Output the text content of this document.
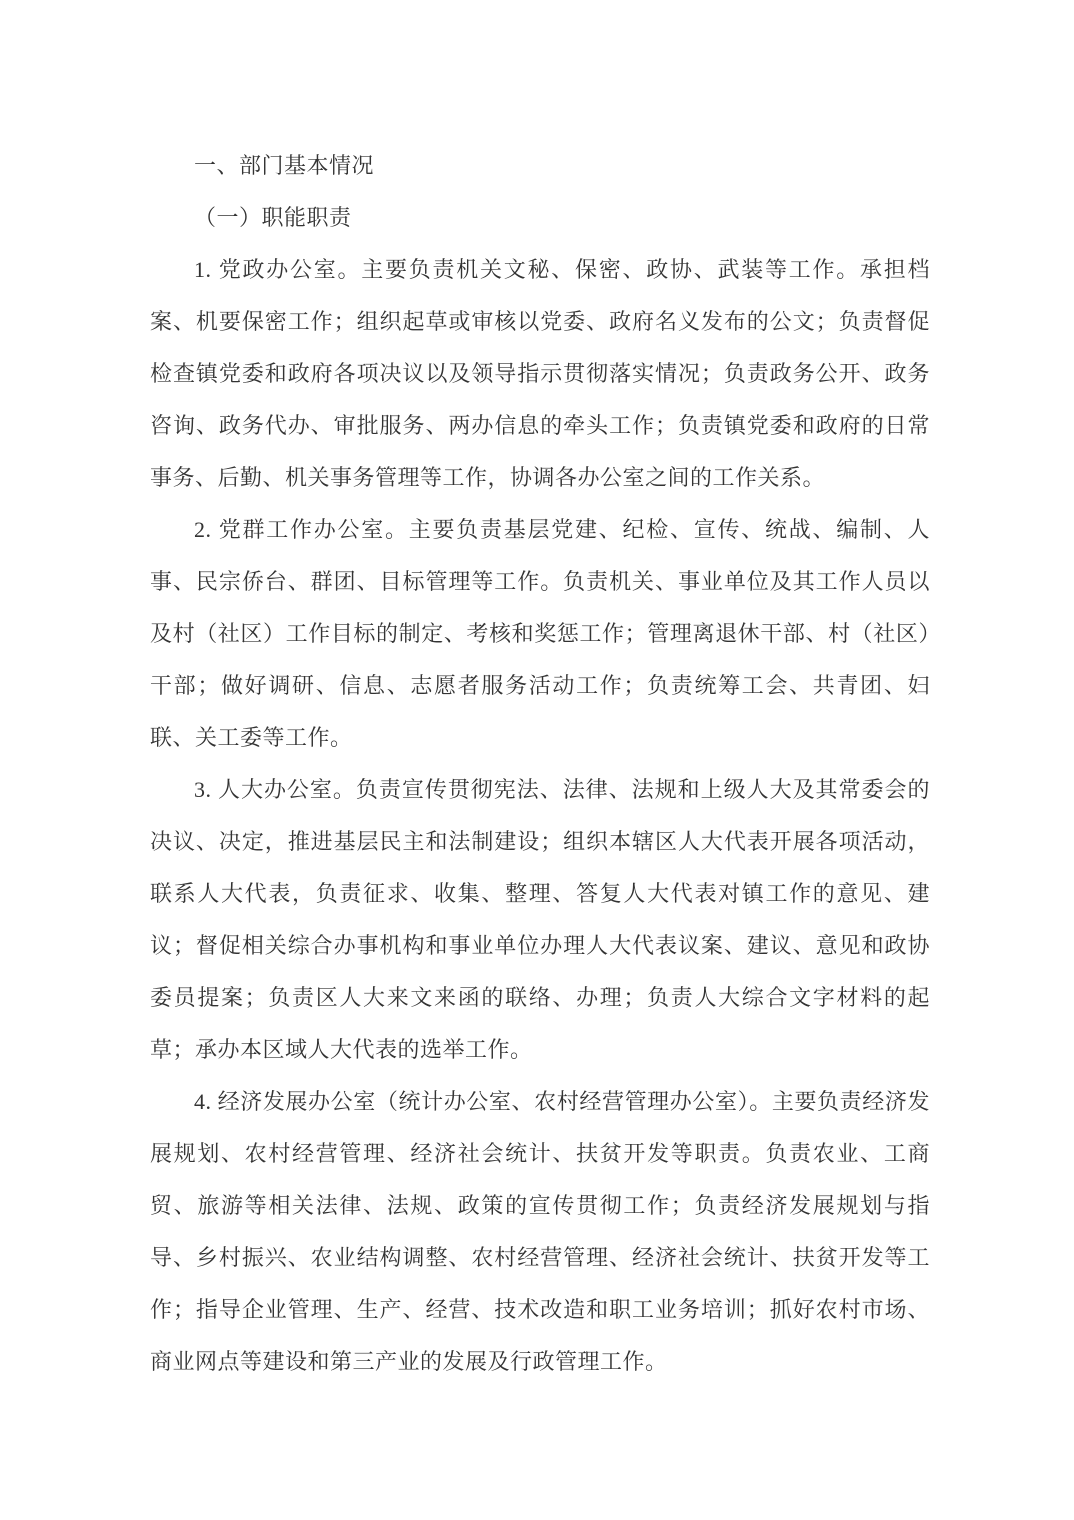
一、部门基本情况
（一）职能职责

1. 党政办公室。主要负责机关文秘、保密、政协、武装等工作。承担档案、机要保密工作；组织起草或审核以党委、政府名义发布的公文；负责督促检查镇党委和政府各项决议以及领导指示贯彻落实情况；负责政务公开、政务咨询、政务代办、审批服务、两办信息的牵头工作；负责镇党委和政府的日常事务、后勤、机关事务管理等工作，协调各办公室之间的工作关系。

2. 党群工作办公室。主要负责基层党建、纪检、宣传、统战、编制、人事、民宗侨台、群团、目标管理等工作。负责机关、事业单位及其工作人员以及村（社区）工作目标的制定、考核和奖惩工作；管理离退休干部、村（社区）干部；做好调研、信息、志愿者服务活动工作；负责统筹工会、共青团、妇联、关工委等工作。

3. 人大办公室。负责宣传贯彻宪法、法律、法规和上级人大及其常委会的决议、决定，推进基层民主和法制建设；组织本辖区人大代表开展各项活动，联系人大代表，负责征求、收集、整理、答复人大代表对镇工作的意见、建议；督促相关综合办事机构和事业单位办理人大代表议案、建议、意见和政协委员提案；负责区人大来文来函的联络、办理；负责人大综合文字材料的起草；承办本区域人大代表的选举工作。

4. 经济发展办公室（统计办公室、农村经营管理办公室）。主要负责经济发展规划、农村经营管理、经济社会统计、扶贫开发等职责。负责农业、工商贸、旅游等相关法律、法规、政策的宣传贯彻工作；负责经济发展规划与指导、乡村振兴、农业结构调整、农村经营管理、经济社会统计、扶贫开发等工作；指导企业管理、生产、经营、技术改造和职工业务培训；抓好农村市场、商业网点等建设和第三产业的发展及行政管理工作。
